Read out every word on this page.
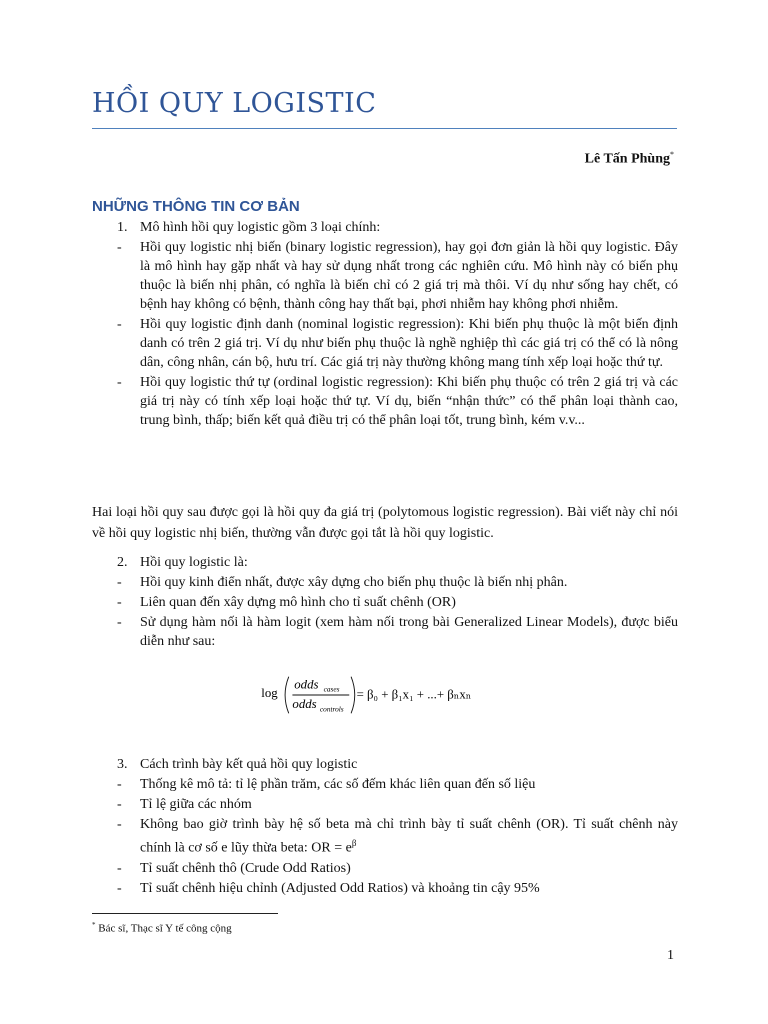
HỒI QUY LOGISTIC
Lê Tấn Phùng*
NHỮNG THÔNG TIN CƠ BẢN
1. Mô hình hồi quy logistic gồm 3 loại chính:
- Hồi quy logistic nhị biến (binary logistic regression), hay gọi đơn giản là hồi quy logistic. Đây là mô hình hay gặp nhất và hay sử dụng nhất trong các nghiên cứu. Mô hình này có biến phụ thuộc là biến nhị phân, có nghĩa là biến chỉ có 2 giá trị mà thôi. Ví dụ như sống hay chết, có bệnh hay không có bệnh, thành công hay thất bại, phơi nhiễm hay không phơi nhiễm.
- Hồi quy logistic định danh (nominal logistic regression): Khi biến phụ thuộc là một biến định danh có trên 2 giá trị. Ví dụ như biến phụ thuộc là nghề nghiệp thì các giá trị có thể có là nông dân, công nhân, cán bộ, hưu trí. Các giá trị này thường không mang tính xếp loại hoặc thứ tự.
- Hồi quy logistic thứ tự (ordinal logistic regression): Khi biến phụ thuộc có trên 2 giá trị và các giá trị này có tính xếp loại hoặc thứ tự. Ví dụ, biến “nhận thức” có thể phân loại thành cao, trung bình, thấp; biến kết quả điều trị có thể phân loại tốt, trung bình, kém v.v...
Hai loại hồi quy sau được gọi là hồi quy đa giá trị (polytomous logistic regression). Bài viết này chỉ nói về hồi quy logistic nhị biến, thường vẫn được gọi tắt là hồi quy logistic.
2. Hồi quy logistic là:
- Hồi quy kinh điển nhất, được xây dựng cho biến phụ thuộc là biến nhị phân.
- Liên quan đến xây dựng mô hình cho tỉ suất chênh (OR)
- Sử dụng hàm nối là hàm logit (xem hàm nối trong bài Generalized Linear Models), được biểu diễn như sau:
log
odds cases
odds controls
= β₀ + β₁x₁ + ...+ βₙxₙ
3. Cách trình bày kết quả hồi quy logistic
- Thống kê mô tả: tỉ lệ phần trăm, các số đếm khác liên quan đến số liệu
- Tỉ lệ giữa các nhóm
- Không bao giờ trình bày hệ số beta mà chỉ trình bày tỉ suất chênh (OR). Tỉ suất chênh này chính là cơ số e lũy thừa beta: OR = $e^\beta$
- Tỉ suất chênh thô (Crude Odd Ratios)
- Tỉ suất chênh hiệu chỉnh (Adjusted Odd Ratios) và khoảng tin cậy 95%
* Bác sĩ, Thạc sĩ Y tế công cộng
1
